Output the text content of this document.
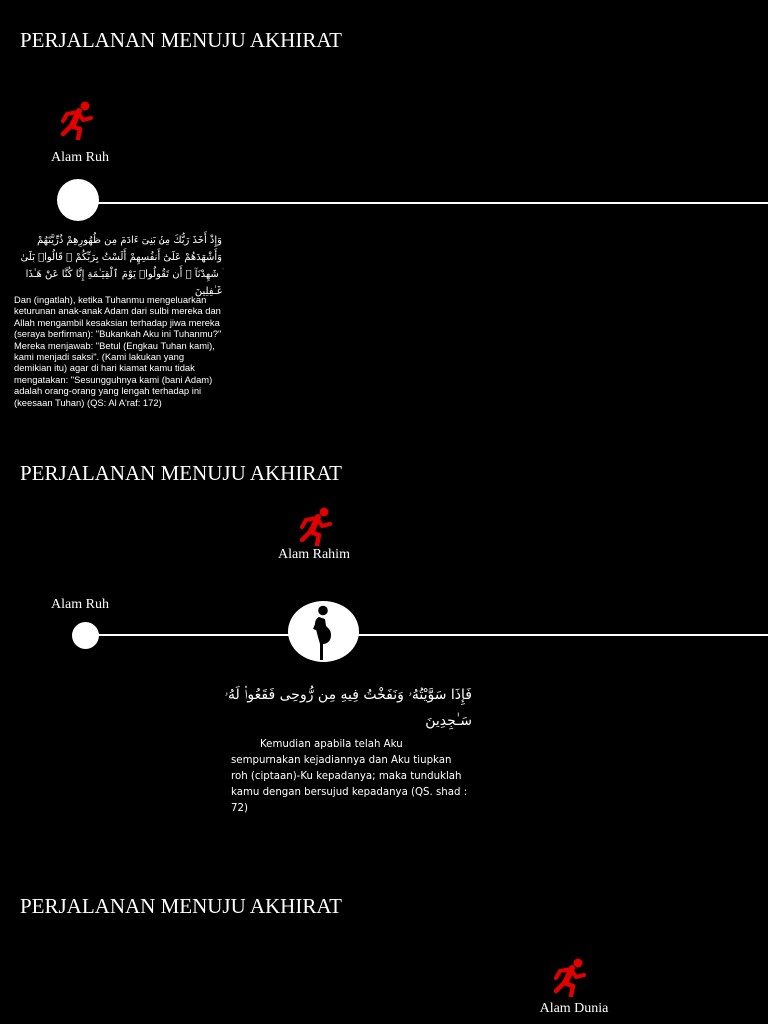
PERJALANAN MENUJU AKHIRAT
Alam Ruh
وَإِذْ أَخَذَ رَبُّكَ مِنۢ بَنِىٓ ءَادَمَ مِن ظُهُورِهِمْ ذُرِّيَّتَهُمْ وَأَشْهَدَهُمْ عَلَىٰٓ أَنفُسِهِمْ أَلَسْتُ بِرَبِّكُمْ ۖ قَالُوا۟ بَلَىٰ ۛ شَهِدْنَآ ۛ أَن تَقُولُوا۟ يَوْمَ ٱلْقِيَـٰمَةِ إِنَّا كُنَّا عَنْ هَـٰذَا غَـٰفِلِينَ
Dan (ingatlah), ketika Tuhanmu mengeluarkan keturunan anak-anak Adam dari sulbi mereka dan Allah mengambil kesaksian terhadap jiwa mereka (seraya berfirman): "Bukankah Aku ini Tuhanmu?" Mereka menjawab: "Betul (Engkau Tuhan kami), kami menjadi saksi". (Kami lakukan yang demikian itu) agar di hari kiamat kamu tidak mengatakan: "Sesungguhnya kami (bani Adam) adalah orang-orang yang lengah terhadap ini (keesaan Tuhan) (QS: Al A'raf: 172)
PERJALANAN MENUJU AKHIRAT
Alam Rahim
Alam Ruh
فَإِذَا سَوَّيْتُهُۥ وَنَفَخْتُ فِيهِ مِن رُّوحِى فَقَعُوا۟ لَهُۥ سَـٰجِدِينَ
Kemudian apabila telah Aku sempurnakan kejadiannya dan Aku tiupkan roh (ciptaan)-Ku kepadanya; maka tunduklah kamu dengan bersujud kepadanya (QS. shad : 72)
PERJALANAN MENUJU AKHIRAT
Alam Dunia
